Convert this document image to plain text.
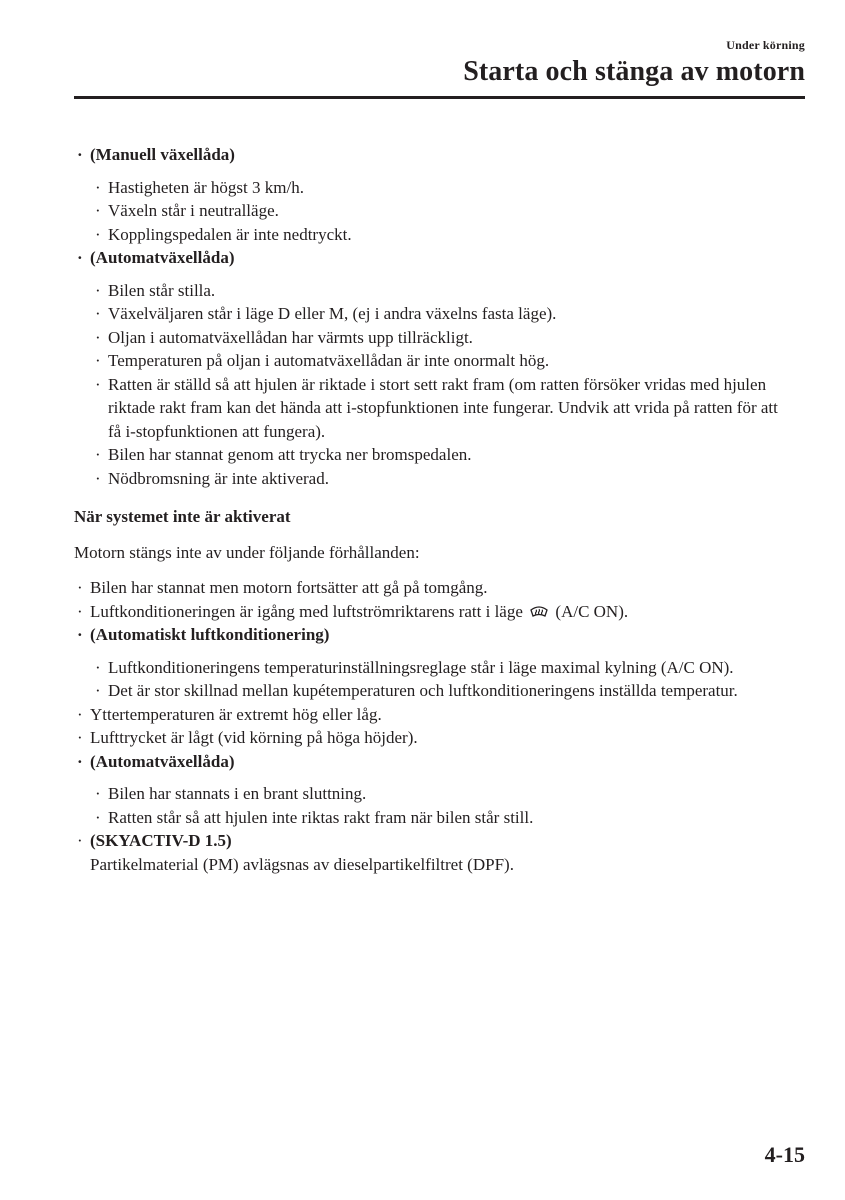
Under körning
Starta och stänga av motorn
· (Manuell växellåda)
· Hastigheten är högst 3 km/h.
· Växeln står i neutralläge.
· Kopplingspedalen är inte nedtryckt.
· (Automatväxellåda)
· Bilen står stilla.
· Växelväljaren står i läge D eller M, (ej i andra växelns fasta läge).
· Oljan i automatväxellådan har värmts upp tillräckligt.
· Temperaturen på oljan i automatväxellådan är inte onormalt hög.
· Ratten är ställd så att hjulen är riktade i stort sett rakt fram (om ratten försöker vridas med hjulen riktade rakt fram kan det hända att i-stopfunktionen inte fungerar. Undvik att vrida på ratten för att få i-stopfunktionen att fungera).
· Bilen har stannat genom att trycka ner bromspedalen.
· Nödbromsning är inte aktiverad.
När systemet inte är aktiverat
Motorn stängs inte av under följande förhållanden:
· Bilen har stannat men motorn fortsätter att gå på tomgång.
· Luftkonditioneringen är igång med luftströmriktarens ratt i läge (A/C ON).
· (Automatiskt luftkonditionering)
· Luftkonditioneringens temperaturinställningsreglage står i läge maximal kylning (A/C ON).
· Det är stor skillnad mellan kupétemperaturen och luftkonditioneringens inställda temperatur.
· Yttertemperaturen är extremt hög eller låg.
· Lufttrycket är lågt (vid körning på höga höjder).
· (Automatväxellåda)
· Bilen har stannats i en brant sluttning.
· Ratten står så att hjulen inte riktas rakt fram när bilen står still.
· (SKYACTIV-D 1.5)
Partikelmaterial (PM) avlägsnas av dieselpartikelfiltret (DPF).
4-15
